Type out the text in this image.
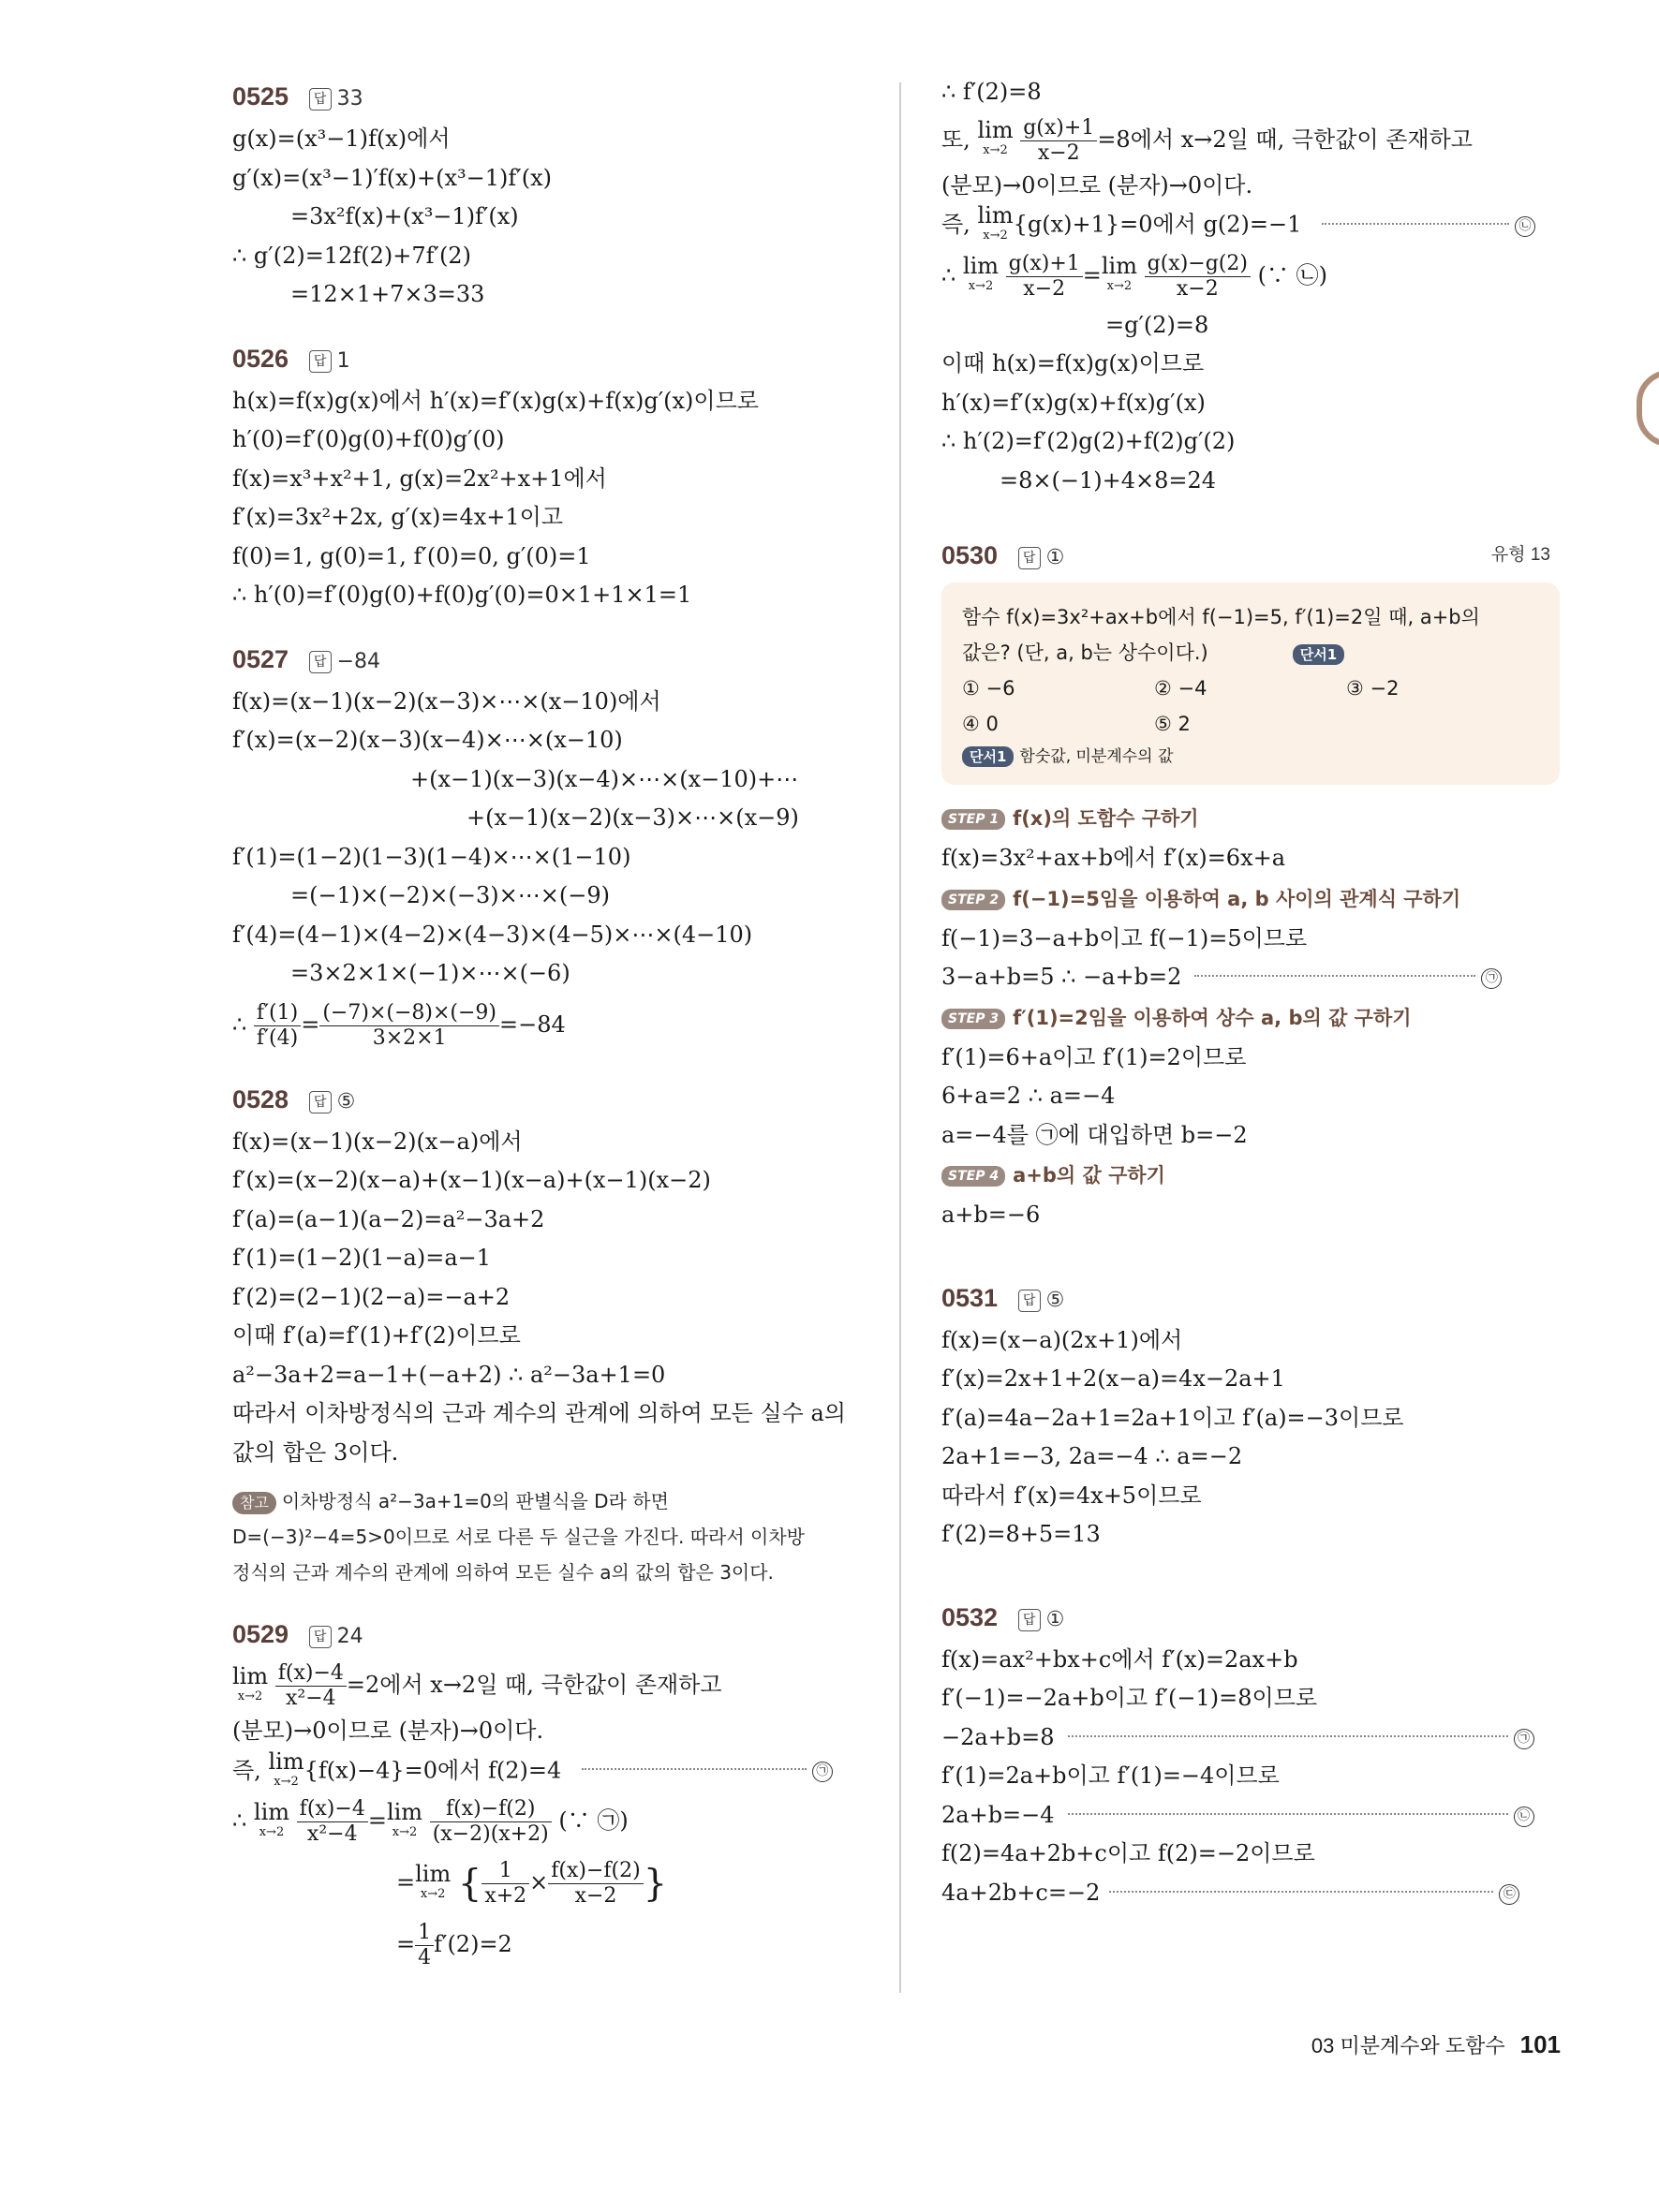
0525 답 33
g(x)=(x³−1)f(x)에서
g′(x)=(x³−1)′f(x)+(x³−1)f′(x)
=3x²f(x)+(x³−1)f′(x)
∴ g′(2)=12f(2)+7f′(2)
=12×1+7×3=33
0526 답 1
h(x)=f(x)g(x)에서 h′(x)=f′(x)g(x)+f(x)g′(x)이므로
h′(0)=f′(0)g(0)+f(0)g′(0)
f(x)=x³+x²+1, g(x)=2x²+x+1에서
f′(x)=3x²+2x, g′(x)=4x+1이고
f(0)=1, g(0)=1, f′(0)=0, g′(0)=1
∴ h′(0)=f′(0)g(0)+f(0)g′(0)=0×1+1×1=1
0527 답 −84
f(x)=(x−1)(x−2)(x−3)×⋯×(x−10)에서
f′(x)=(x−2)(x−3)(x−4)×⋯×(x−10)
+(x−1)(x−3)(x−4)×⋯×(x−10)+⋯
+(x−1)(x−2)(x−3)×⋯×(x−9)
f′(1)=(1−2)(1−3)(1−4)×⋯×(1−10)
=(−1)×(−2)×(−3)×⋯×(−9)
f′(4)=(4−1)×(4−2)×(4−3)×(4−5)×⋯×(4−10)
=3×2×1×(−1)×⋯×(−6)
∴ $\frac{f'(1)}{f'(4)} = \frac{(-7)\times(-8)\times(-9)}{3\times 2\times 1} =-84$
0528 답 ⑤
f(x)=(x−1)(x−2)(x−a)에서
f′(x)=(x−2)(x−a)+(x−1)(x−a)+(x−1)(x−2)
f′(a)=(a−1)(a−2)=a²−3a+2
f′(1)=(1−2)(1−a)=a−1
f′(2)=(2−1)(2−a)=−a+2
이때 f′(a)=f′(1)+f′(2)이므로
a²−3a+2=a−1+(−a+2) ∴ a²−3a+1=0
따라서 이차방정식의 근과 계수의 관계에 의하여 모든 실수 a의
값의 합은 3이다.
참고 이차방정식 a²−3a+1=0의 판별식을 D라 하면
D=(−3)²−4=5>0이므로 서로 다른 두 실근을 가진다. 따라서 이차방
정식의 근과 계수의 관계에 의하여 모든 실수 a의 값의 합은 3이다.
0529 답 24
lim
x→2
$\frac{f(x)-4}{\text{x²−4}} =2$에서 x→2일 때, 극한값이 존재하고
(분모)→0이므로 (분자)→0이다.
즉, lim
x→2 {f(x)−4}=0에서 f(2)=4	㉠
∴ lim
x→2
$\frac{f(x)-4}{\text{x²−4}} =\lim$
x→2
$\frac{f(x)-f(2)}{(x-2)(x+2)}$ (∵ ㉠)
=lim
x→2 { $\frac{1}{x+2} \times \frac{f(x)-f(2)}{x-2}$ }
= $\frac{1}{4} f'(2)=2$
∴ f′(2)=8
또, lim
x→2
$\frac{g(x)+1}{x-2} =8$에서 x→2일 때, 극한값이 존재하고
(분모)→0이므로 (분자)→0이다.
즉, lim
x→2 {g(x)+1}=0에서 g(2)=−1	㉡
∴ lim
x→2
$\frac{g(x)+1}{x-2} =\lim$
x→2
$\frac{g(x)-g(2)}{x-2}$ (∵ ㉡)
=g′(2)=8
이때 h(x)=f(x)g(x)이므로
h′(x)=f′(x)g(x)+f(x)g′(x)
∴ h′(2)=f′(2)g(2)+f(2)g′(2)
=8×(−1)+4×8=24
0530 답 ①	유형 13
함수 f(x)=3x²+ax+b에서 f(−1)=5, f′(1)=2일 때, a+b의
값은? (단, a, b는 상수이다.)	단서1
① −6	② −4	③ −2
④ 0	⑤ 2
단서1 함숫값, 미분계수의 값
STEP 1 f(x)의 도함수 구하기
f(x)=3x²+ax+b에서 f′(x)=6x+a
STEP 2 f(−1)=5임을 이용하여 a, b 사이의 관계식 구하기
f(−1)=3−a+b이고 f(−1)=5이므로
3−a+b=5 ∴ −a+b=2	㉠
STEP 3 f′(1)=2임을 이용하여 상수 a, b의 값 구하기
f′(1)=6+a이고 f′(1)=2이므로
6+a=2 ∴ a=−4
a=−4를 ㉠에 대입하면 b=−2
STEP 4 a+b의 값 구하기
a+b=−6
0531 답 ⑤
f(x)=(x−a)(2x+1)에서
f′(x)=2x+1+2(x−a)=4x−2a+1
f′(a)=4a−2a+1=2a+1이고 f′(a)=−3이므로
2a+1=−3, 2a=−4 ∴ a=−2
따라서 f′(x)=4x+5이므로
f′(2)=8+5=13
0532 답 ①
f(x)=ax²+bx+c에서 f′(x)=2ax+b
f′(−1)=−2a+b이고 f′(−1)=8이므로
−2a+b=8	㉠
f′(1)=2a+b이고 f′(1)=−4이므로
2a+b=−4	㉡
f(2)=4a+2b+c이고 f(2)=−2이므로
4a+2b+c=−2	㉢
03 미분계수와 도함수 101
